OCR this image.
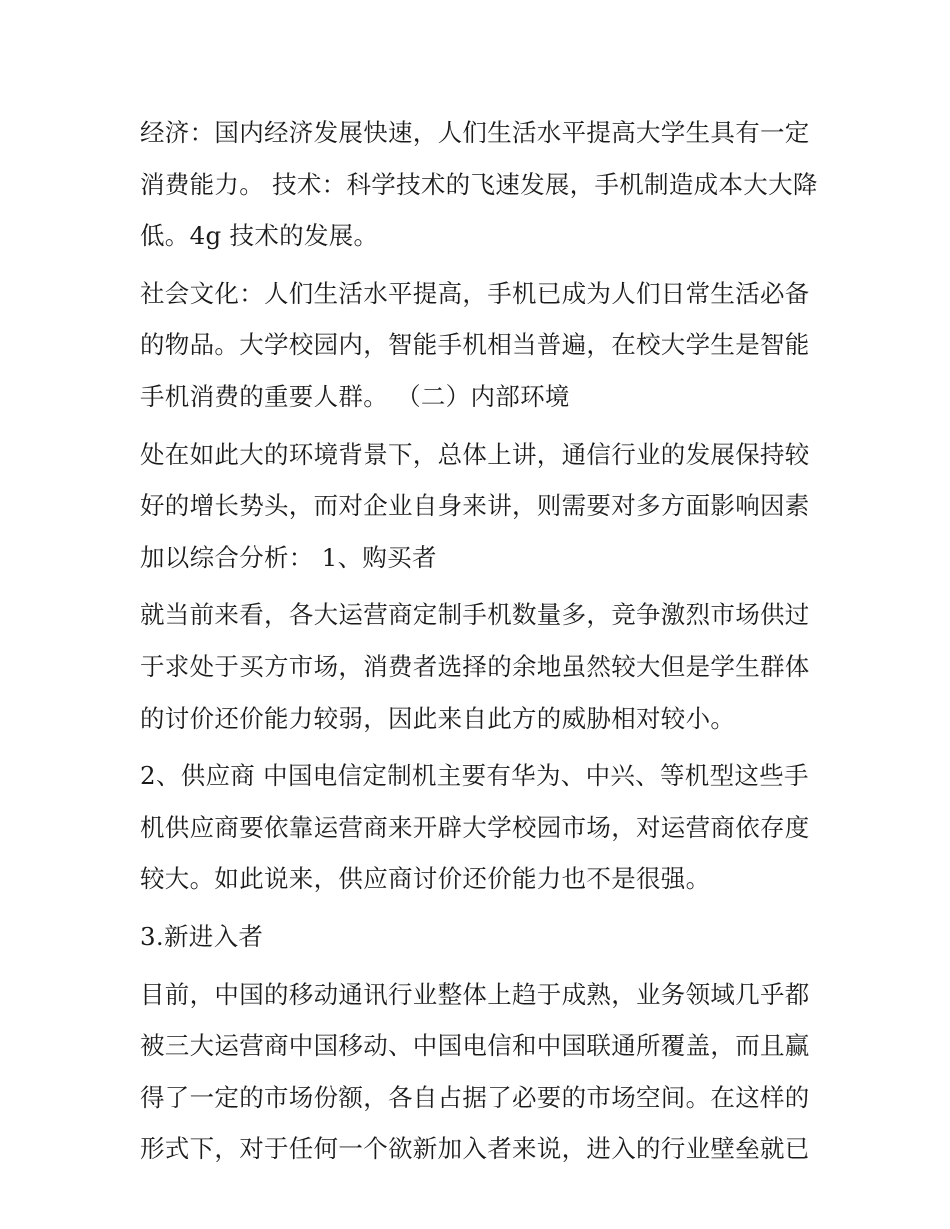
经济：国内经济发展快速，人们生活水平提高大学生具有一定消费能力。 技术：科学技术的飞速发展，手机制造成本大大降低。4g 技术的发展。

社会文化：人们生活水平提高，手机已成为人们日常生活必备的物品。大学校园内，智能手机相当普遍，在校大学生是智能手机消费的重要人群。 （二）内部环境

处在如此大的环境背景下，总体上讲，通信行业的发展保持较好的增长势头，而对企业自身来讲，则需要对多方面影响因素加以综合分析： 1、购买者

就当前来看，各大运营商定制手机数量多，竞争激烈市场供过于求处于买方市场，消费者选择的余地虽然较大但是学生群体的讨价还价能力较弱，因此来自此方的威胁相对较小。

2、供应商 中国电信定制机主要有华为、中兴、等机型这些手机供应商要依靠运营商来开辟大学校园市场，对运营商依存度较大。如此说来，供应商讨价还价能力也不是很强。

3.新进入者

目前，中国的移动通讯行业整体上趋于成熟，业务领域几乎都被三大运营商中国移动、中国电信和中国联通所覆盖，而且赢得了一定的市场份额，各自占据了必要的市场空间。在这样的形式下，对于任何一个欲新加入者来说，进入的行业壁垒就已
